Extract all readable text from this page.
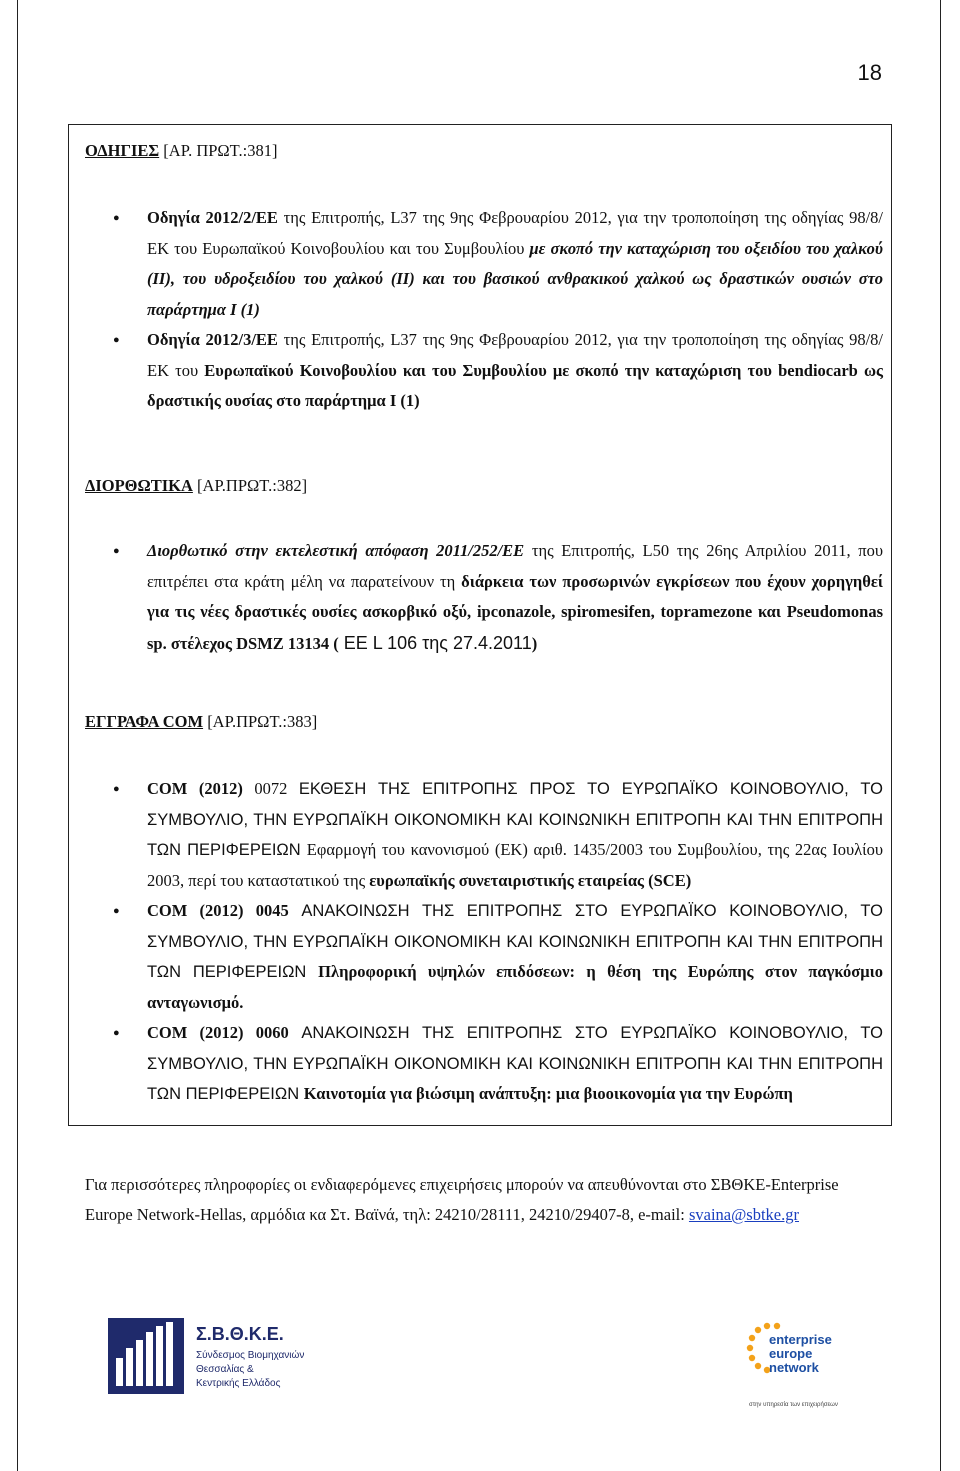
18

ΟΔΗΓΙΕΣ [ΑΡ. ΠΡΩΤ.:381]

● Οδηγία 2012/2/ΕΕ της Επιτροπής, L37 της 9ης Φεβρουαρίου 2012, για την τροποποίηση της οδηγίας 98/8/ΕΚ του Ευρωπαϊκού Κοινοβουλίου και του Συμβουλίου με σκοπό την καταχώριση του οξειδίου του χαλκού (ΙΙ), του υδροξειδίου του χαλκού (ΙΙ) και του βασικού ανθρακικού χαλκού ως δραστικών ουσιών στο παράρτημα Ι (1)
● Οδηγία 2012/3/ΕΕ της Επιτροπής, L37 της 9ης Φεβρουαρίου 2012, για την τροποποίηση της οδηγίας 98/8/ΕΚ του Ευρωπαϊκού Κοινοβουλίου και του Συμβουλίου με σκοπό την καταχώριση του bendiocarb ως δραστικής ουσίας στο παράρτημα Ι (1)

ΔΙΟΡΘΩΤΙΚΑ [ΑΡ.ΠΡΩΤ.:382]

● Διορθωτικό στην εκτελεστική απόφαση 2011/252/ΕΕ της Επιτροπής, L50 της 26ης Απριλίου 2011, που επιτρέπει στα κράτη μέλη να παρατείνουν τη διάρκεια των προσωρινών εγκρίσεων που έχουν χορηγηθεί για τις νέες δραστικές ουσίες ασκορβικό οξύ, ipconazole, spiromesifen, topramezone και Pseudomonas sp. στέλεχος DSMZ 13134 ( ΕΕ L 106 της 27.4.2011)

ΕΓΓΡΑΦΑ COM [ΑΡ.ΠΡΩΤ.:383]

● COM (2012) 0072 ΕΚΘΕΣΗ ΤΗΣ ΕΠΙΤΡΟΠΗΣ ΠΡΟΣ ΤΟ ΕΥΡΩΠΑΪΚΟ ΚΟΙΝΟΒΟΥΛΙΟ, ΤΟ ΣΥΜΒΟΥΛΙΟ, ΤΗΝ ΕΥΡΩΠΑΪΚΗ ΟΙΚΟΝΟΜΙΚΗ ΚΑΙ ΚΟΙΝΩΝΙΚΗ ΕΠΙΤΡΟΠΗ ΚΑΙ ΤΗΝ ΕΠΙΤΡΟΠΗ ΤΩΝ ΠΕΡΙΦΕΡΕΙΩΝ Εφαρμογή του κανονισμού (ΕΚ) αριθ. 1435/2003 του Συμβουλίου, της 22ας Ιουλίου 2003, περί του καταστατικού της ευρωπαϊκής συνεταιριστικής εταιρείας (SCE)
● COM (2012) 0045 ΑΝΑΚΟΙΝΩΣΗ ΤΗΣ ΕΠΙΤΡΟΠΗΣ ΣΤΟ ΕΥΡΩΠΑΪΚΟ ΚΟΙΝΟΒΟΥΛΙΟ, ΤΟ ΣΥΜΒΟΥΛΙΟ, ΤΗΝ ΕΥΡΩΠΑΪΚΗ ΟΙΚΟΝΟΜΙΚΗ ΚΑΙ ΚΟΙΝΩΝΙΚΗ ΕΠΙΤΡΟΠΗ ΚΑΙ ΤΗΝ ΕΠΙΤΡΟΠΗ ΤΩΝ ΠΕΡΙΦΕΡΕΙΩΝ Πληροφορική υψηλών επιδόσεων: η θέση της Ευρώπης στον παγκόσμιο ανταγωνισμό.
● COM (2012) 0060 ΑΝΑΚΟΙΝΩΣΗ ΤΗΣ ΕΠΙΤΡΟΠΗΣ ΣΤΟ ΕΥΡΩΠΑΪΚΟ ΚΟΙΝΟΒΟΥΛΙΟ, ΤΟ ΣΥΜΒΟΥΛΙΟ, ΤΗΝ ΕΥΡΩΠΑΪΚΗ ΟΙΚΟΝΟΜΙΚΗ ΚΑΙ ΚΟΙΝΩΝΙΚΗ ΕΠΙΤΡΟΠΗ ΚΑΙ ΤΗΝ ΕΠΙΤΡΟΠΗ ΤΩΝ ΠΕΡΙΦΕΡΕΙΩΝ Καινοτομία για βιώσιμη ανάπτυξη: μια βιοοικονομία για την Ευρώπη
Για περισσότερες πληροφορίες οι ενδιαφερόμενες επιχειρήσεις μπορούν να απευθύνονται στο ΣΒΘΚΕ-Enterprise Europe Network-Hellas, αρμόδια κα Στ. Βαϊνά, τηλ: 24210/28111, 24210/29407-8, e-mail: svaina@sbtke.gr
Σ.Β.Θ.Κ.Ε.
Σύνδεσμος Βιομηχανιών
Θεσσαλίας &
Κεντρικής Ελλάδος
enterprise
europe
network
στην υπηρεσία των επιχειρήσεων
